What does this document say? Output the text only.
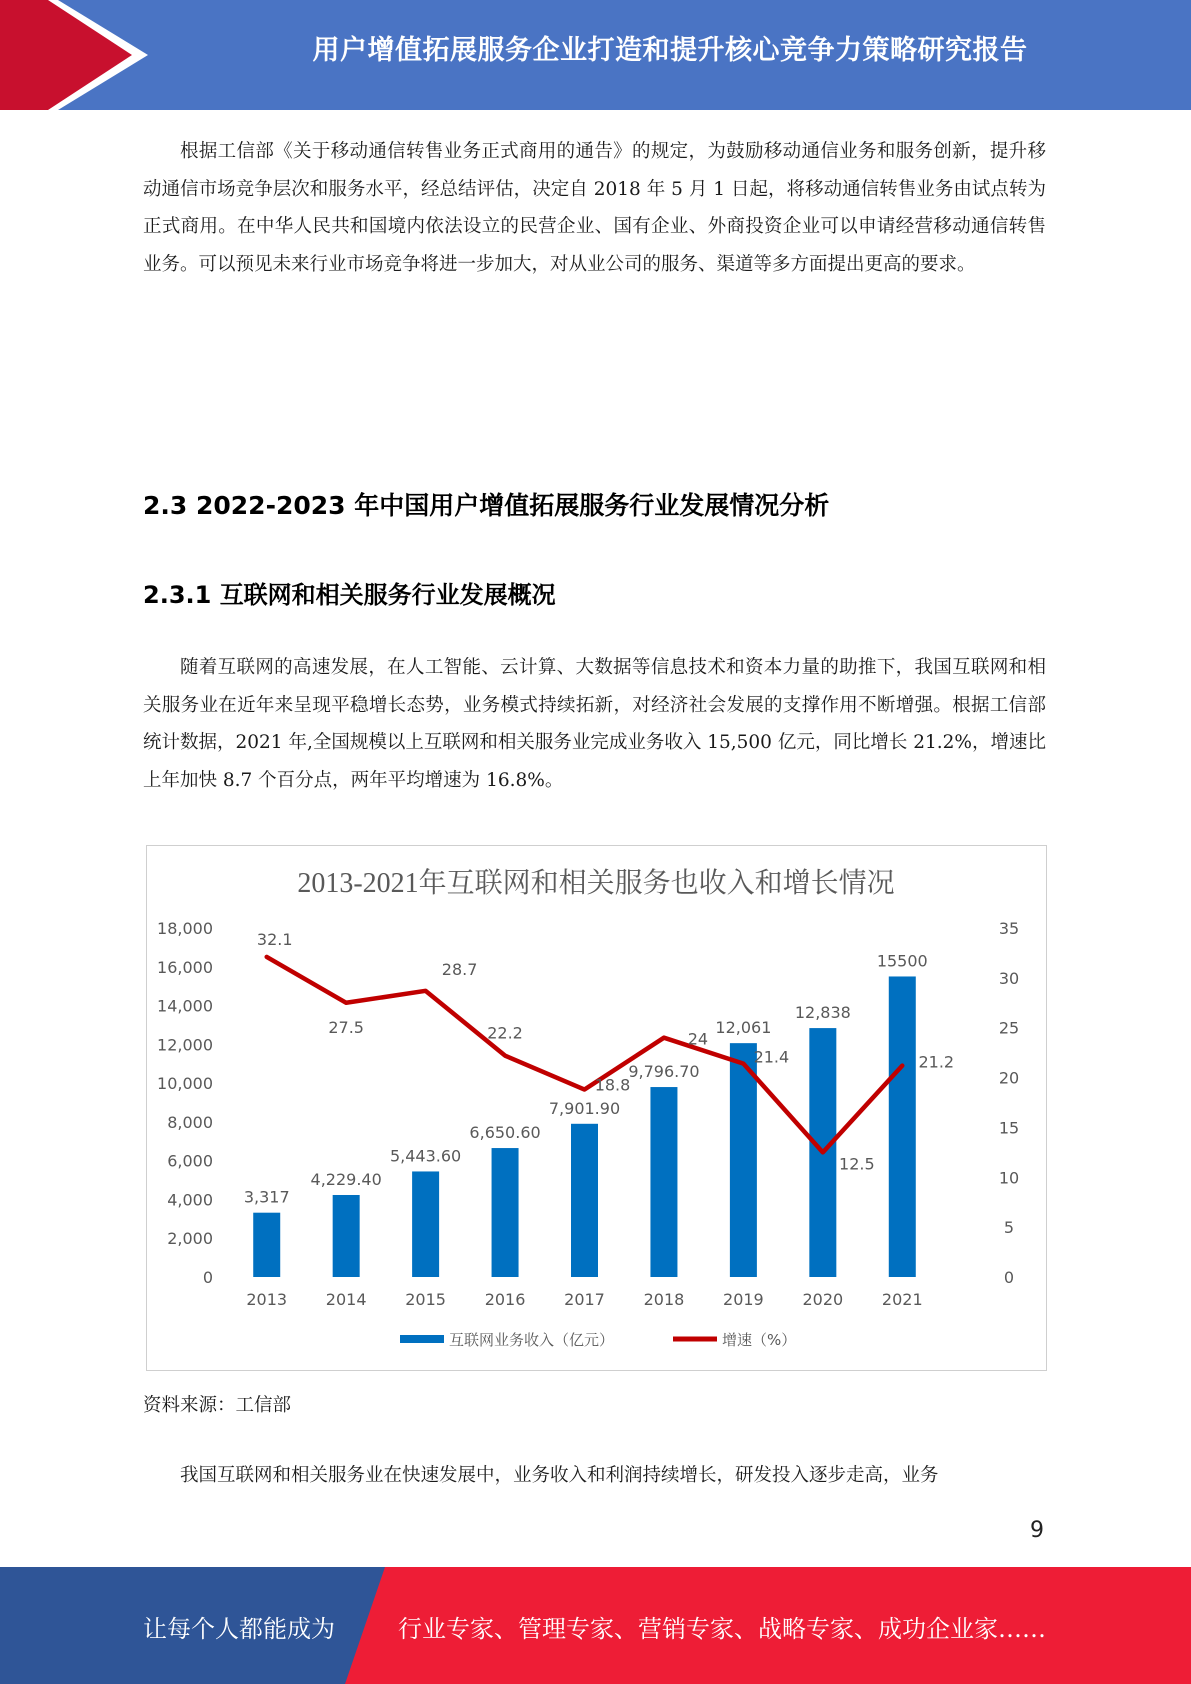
用户增值拓展服务企业打造和提升核心竞争力策略研究报告

根据工信部《关于移动通信转售业务正式商用的通告》的规定，为鼓励移动通信业务和服务创新，提升移动通信市场竞争层次和服务水平，经总结评估，决定自 2018 年 5 月 1 日起，将移动通信转售业务由试点转为正式商用。在中华人民共和国境内依法设立的民营企业、国有企业、外商投资企业可以申请经营移动通信转售业务。可以预见未来行业市场竞争将进一步加大，对从业公司的服务、渠道等多方面提出更高的要求。

2.3 2022-2023 年中国用户增值拓展服务行业发展情况分析
2.3.1 互联网和相关服务行业发展概况

随着互联网的高速发展，在人工智能、云计算、大数据等信息技术和资本力量的助推下，我国互联网和相关服务业在近年来呈现平稳增长态势，业务模式持续拓新，对经济社会发展的支撑作用不断增强。根据工信部统计数据，2021 年,全国规模以上互联网和相关服务业完成业务收入 15,500 亿元，同比增长 21.2%，增速比上年加快 8.7 个百分点，两年平均增速为 16.8%。

2013-2021年互联网和相关服务也收入和增长情况
0
2,000
4,000
6,000
8,000
10,000
12,000
14,000
16,000
18,000
0
5
10
15
20
25
30
35
3,317
4,229.40
5,443.60
6,650.60
7,901.90
9,796.70
12,061
12,838
15500
32.1
27.5
28.7
22.2
18.8
24
21.4
12.5
21.2
2013 2014 2015 2016 2017 2018 2019 2020 2021
互联网业务收入（亿元）	增速（%）
资料来源：工信部

我国互联网和相关服务业在快速发展中，业务收入和利润持续增长，研发投入逐步走高，业务

9
让每个人都能成为	行业专家、管理专家、营销专家、战略专家、成功企业家……
